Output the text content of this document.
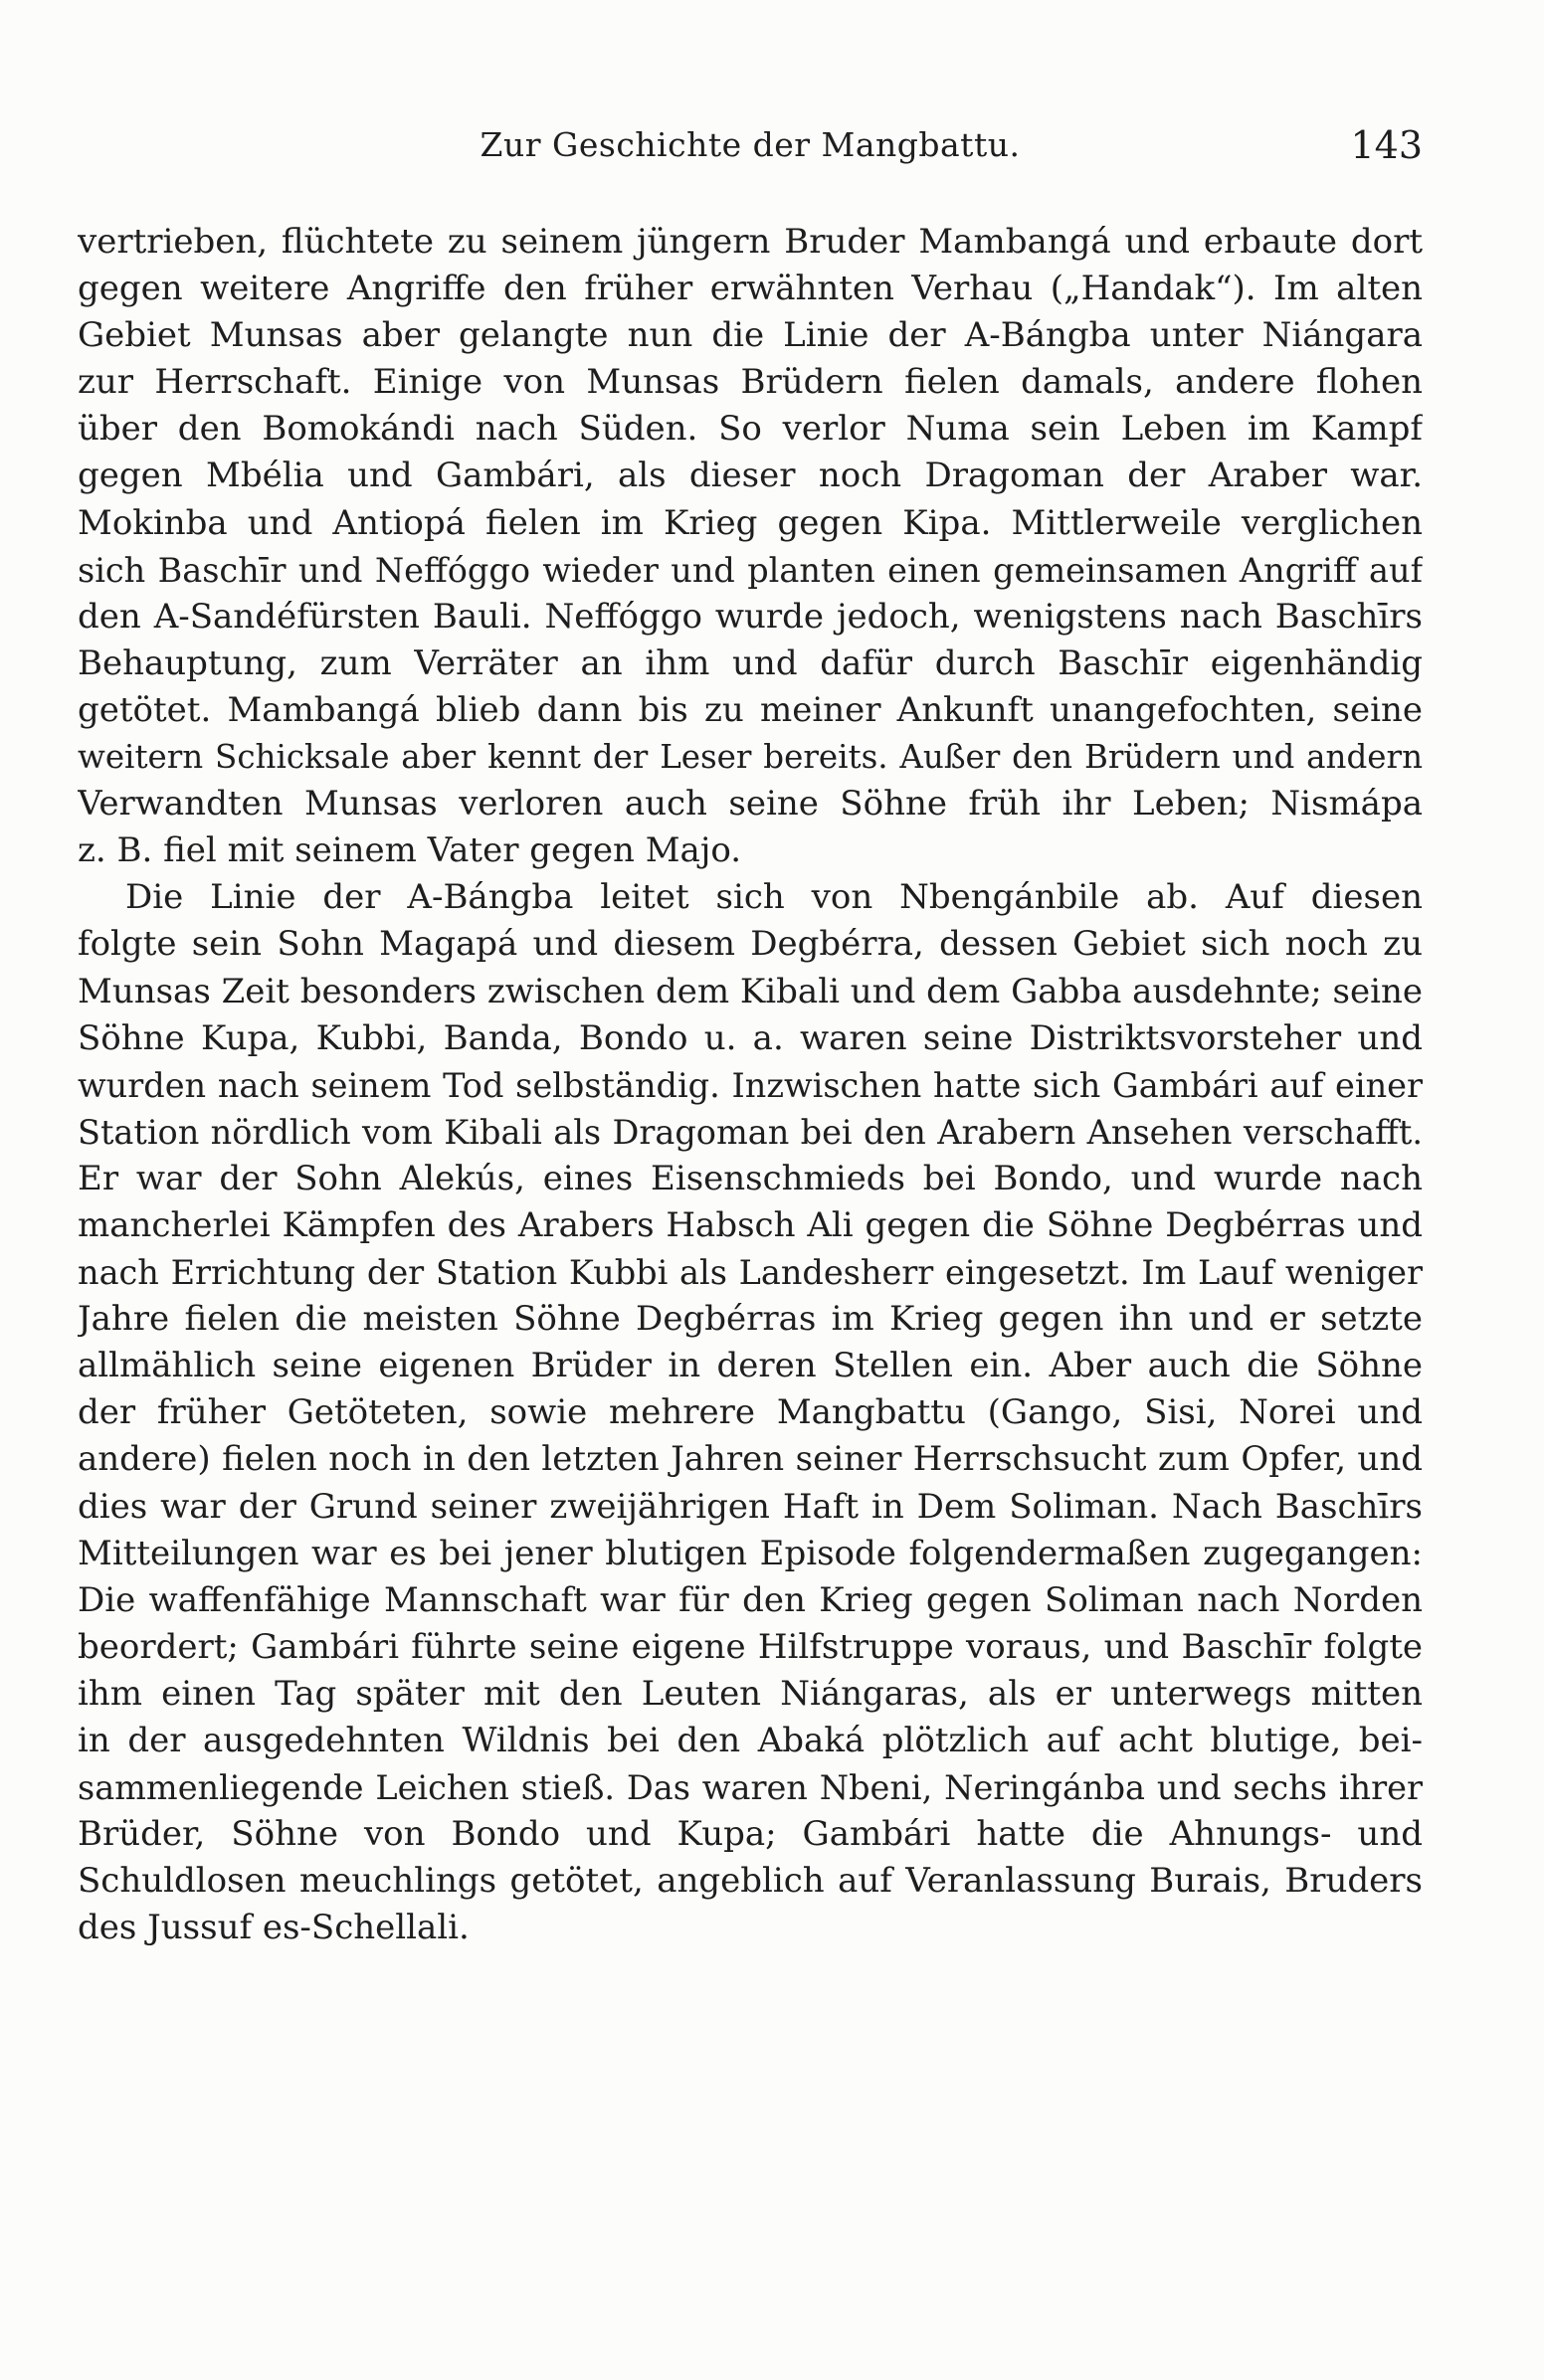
Zur Geschichte der Mangbattu.	143
vertrieben, flüchtete zu seinem jüngern Bruder Mambangá und erbaute dort
gegen weitere Angriffe den früher erwähnten Verhau („Handak“). Im alten
Gebiet Munsas aber gelangte nun die Linie der A-Bángba unter Niángara
zur Herrschaft. Einige von Munsas Brüdern fielen damals, andere flohen
über den Bomokándi nach Süden. So verlor Numa sein Leben im Kampf
gegen Mbélia und Gambári, als dieser noch Dragoman der Araber war.
Mokinba und Antiopá fielen im Krieg gegen Kipa. Mittlerweile verglichen
sich Baschīr und Neffóggo wieder und planten einen gemeinsamen Angriff auf
den A-Sandéfürsten Bauli. Neffóggo wurde jedoch, wenigstens nach Baschīrs
Behauptung, zum Verräter an ihm und dafür durch Baschīr eigenhändig
getötet. Mambangá blieb dann bis zu meiner Ankunft unangefochten, seine
weitern Schicksale aber kennt der Leser bereits. Außer den Brüdern und andern
Verwandten Munsas verloren auch seine Söhne früh ihr Leben; Nismápa
z. B. fiel mit seinem Vater gegen Majo.
Die Linie der A-Bángba leitet sich von Nbengánbile ab. Auf diesen
folgte sein Sohn Magapá und diesem Degbérra, dessen Gebiet sich noch zu
Munsas Zeit besonders zwischen dem Kibali und dem Gabba ausdehnte; seine
Söhne Kupa, Kubbi, Banda, Bondo u. a. waren seine Distriktsvorsteher und
wurden nach seinem Tod selbständig. Inzwischen hatte sich Gambári auf einer
Station nördlich vom Kibali als Dragoman bei den Arabern Ansehen verschafft.
Er war der Sohn Alekús, eines Eisenschmieds bei Bondo, und wurde nach
mancherlei Kämpfen des Arabers Habsch Ali gegen die Söhne Degbérras und
nach Errichtung der Station Kubbi als Landesherr eingesetzt. Im Lauf weniger
Jahre fielen die meisten Söhne Degbérras im Krieg gegen ihn und er setzte
allmählich seine eigenen Brüder in deren Stellen ein. Aber auch die Söhne
der früher Getöteten, sowie mehrere Mangbattu (Gango, Sisi, Norei und
andere) fielen noch in den letzten Jahren seiner Herrschsucht zum Opfer, und
dies war der Grund seiner zweijährigen Haft in Dem Soliman. Nach Baschīrs
Mitteilungen war es bei jener blutigen Episode folgendermaßen zugegangen:
Die waffenfähige Mannschaft war für den Krieg gegen Soliman nach Norden
beordert; Gambári führte seine eigene Hilfstruppe voraus, und Baschīr folgte
ihm einen Tag später mit den Leuten Niángaras, als er unterwegs mitten
in der ausgedehnten Wildnis bei den Abaká plötzlich auf acht blutige, bei-
sammenliegende Leichen stieß. Das waren Nbeni, Neringánba und sechs ihrer
Brüder, Söhne von Bondo und Kupa; Gambári hatte die Ahnungs- und
Schuldlosen meuchlings getötet, angeblich auf Veranlassung Burais, Bruders
des Jussuf es-Schellali.
